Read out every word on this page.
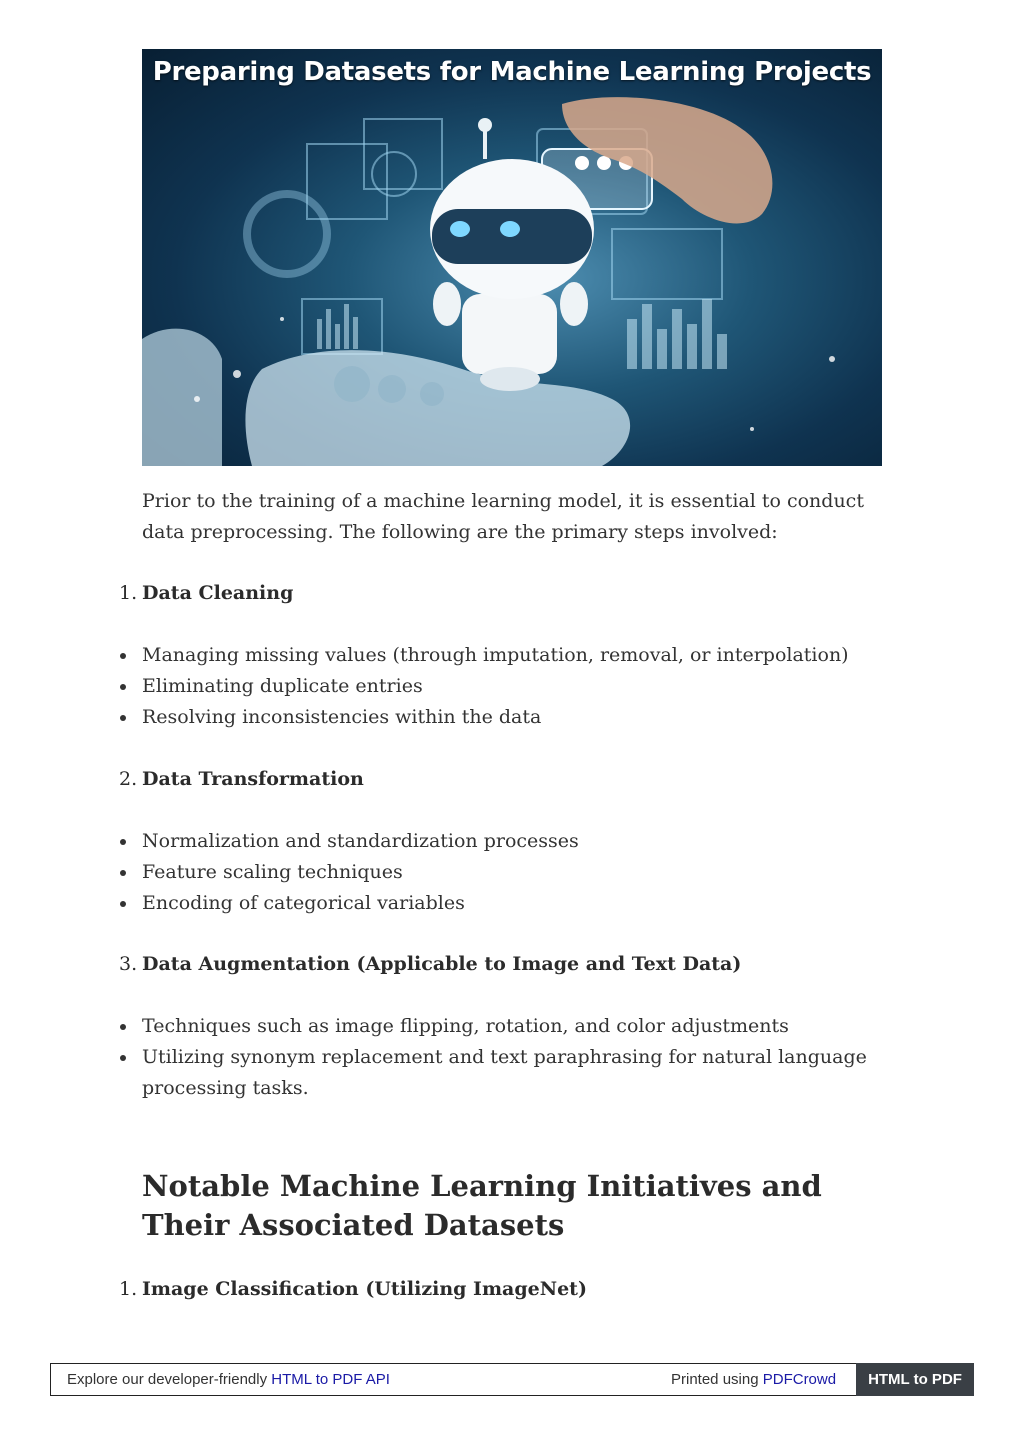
Preparing Datasets for Machine Learning Projects

Prior to the training of a machine learning model, it is essential to conduct data preprocessing. The following are the primary steps involved:

1. Data Cleaning
Managing missing values (through imputation, removal, or interpolation)
Eliminating duplicate entries
Resolving inconsistencies within the data
2. Data Transformation
Normalization and standardization processes
Feature scaling techniques
Encoding of categorical variables
3. Data Augmentation (Applicable to Image and Text Data)
Techniques such as image flipping, rotation, and color adjustments
Utilizing synonym replacement and text paraphrasing for natural language processing tasks.
Notable Machine Learning Initiatives and Their Associated Datasets
1. Image Classification (Utilizing ImageNet)
Explore our developer-friendly HTML to PDF API	Printed using PDFCrowd	HTML to PDF
